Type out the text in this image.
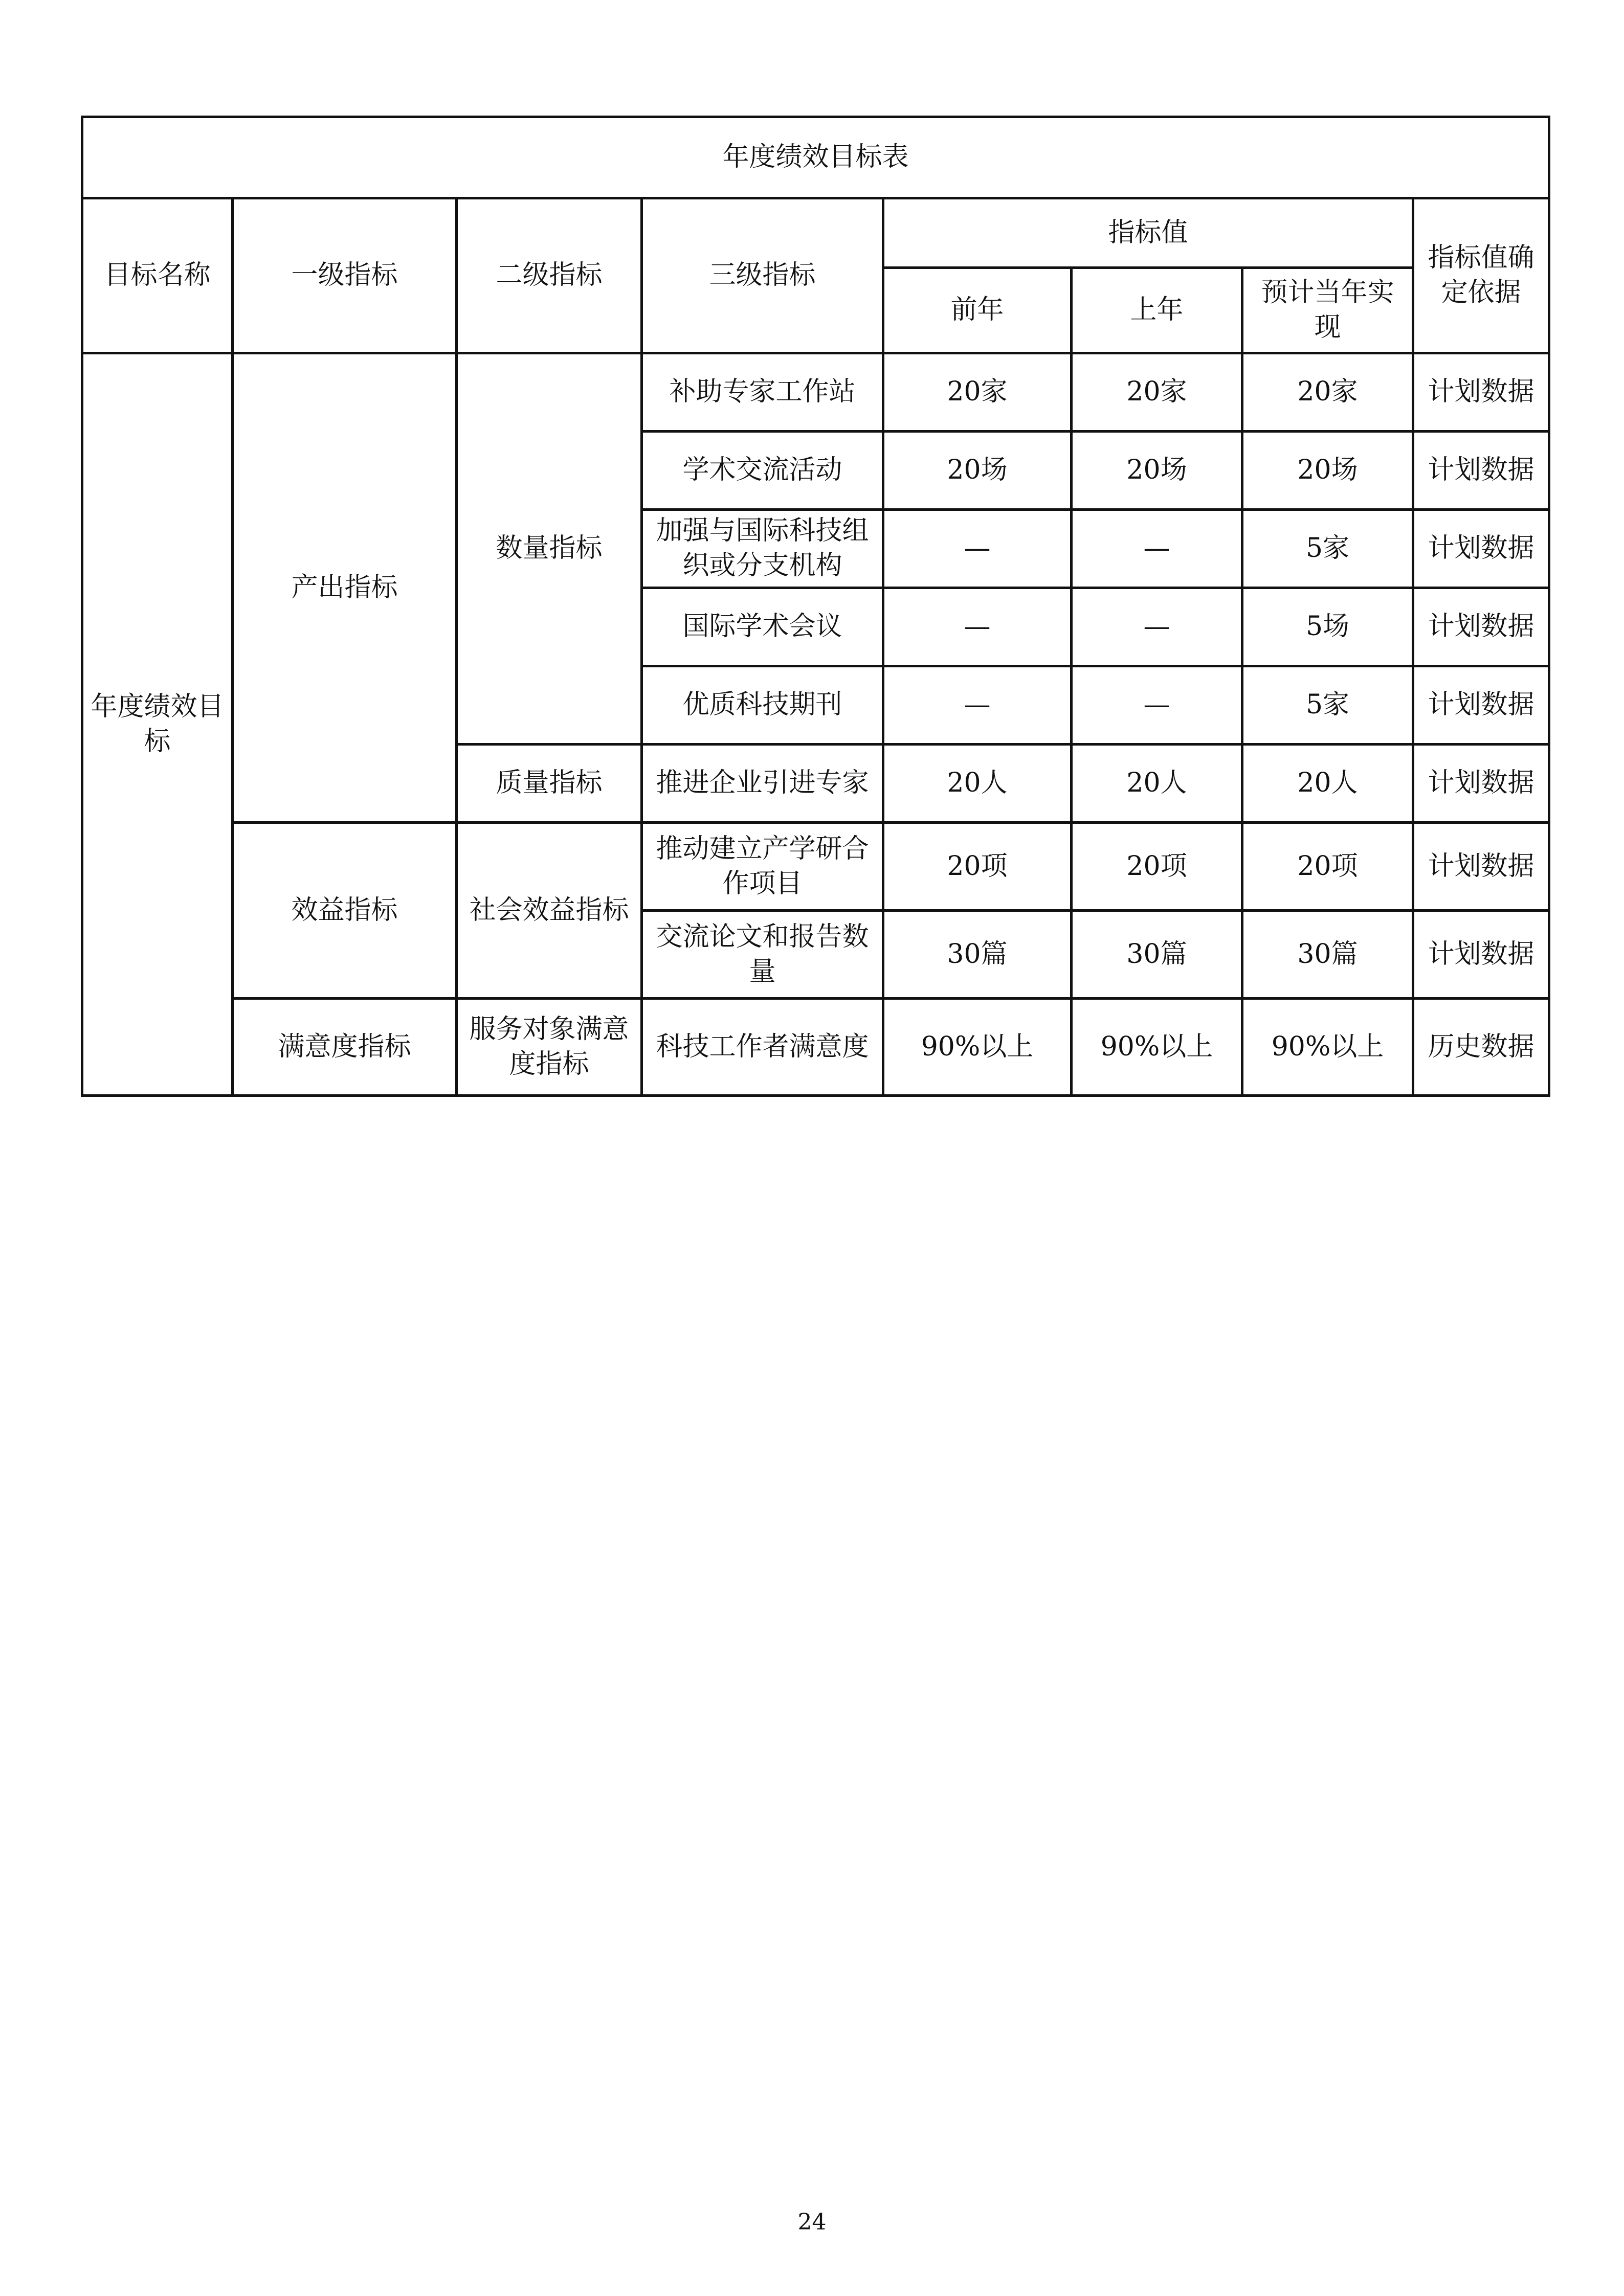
年度绩效目标表							
目标名称	一级指标	二级指标	三级指标	指标值			指标值确定依据
				前年	上年	预计当年实现	
年度绩效目标	产出指标	数量指标	补助专家工作站	20家	20家	20家	计划数据
			学术交流活动	20场	20场	20场	计划数据
			加强与国际科技组织或分支机构	—	—	5家	计划数据
			国际学术会议	—	—	5场	计划数据
			优质科技期刊	—	—	5家	计划数据
		质量指标	推进企业引进专家	20人	20人	20人	计划数据
	效益指标	社会效益指标	推动建立产学研合作项目	20项	20项	20项	计划数据
			交流论文和报告数量	30篇	30篇	30篇	计划数据
	满意度指标	服务对象满意度指标	科技工作者满意度	90%以上	90%以上	90%以上	历史数据
24
